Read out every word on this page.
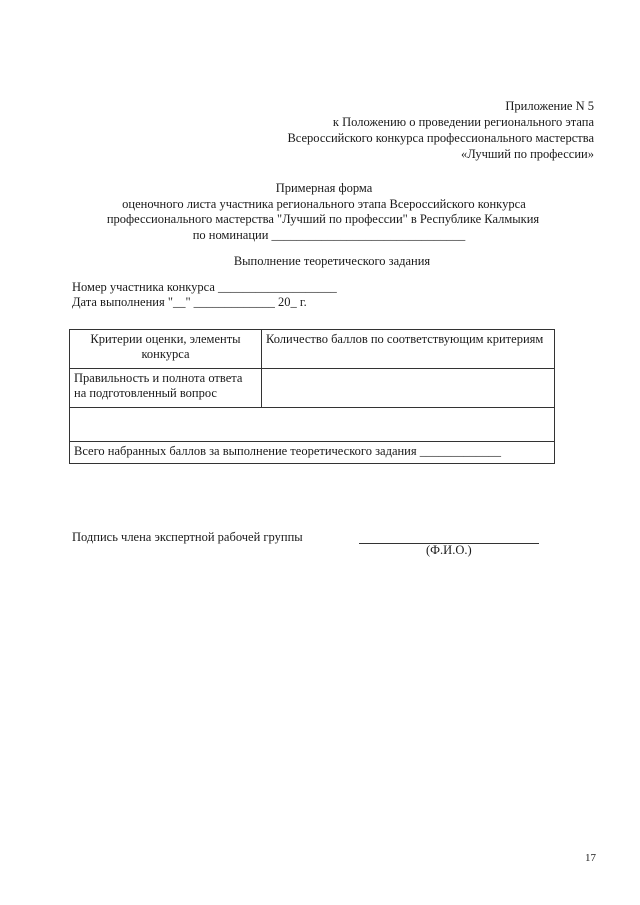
Приложение N 5
к Положению о проведении регионального этапа
Всероссийского конкурса профессионального мастерства
«Лучший по профессии»
Примерная форма
оценочного листа участника регионального этапа Всероссийского конкурса
профессионального мастерства "Лучший по профессии" в Республике Калмыкия
по номинации _______________________________
Выполнение теоретического задания
Номер участника конкурса ___________________
Дата выполнения "__" _____________ 20_ г.
Критерии оценки, элементы конкурса	Количество баллов по соответствующим критериям
Правильность и полнота ответа на подготовленный вопрос	

Всего набранных баллов за выполнение теоретического задания _____________	
Подпись члена экспертной рабочей группы
(Ф.И.О.)
17
